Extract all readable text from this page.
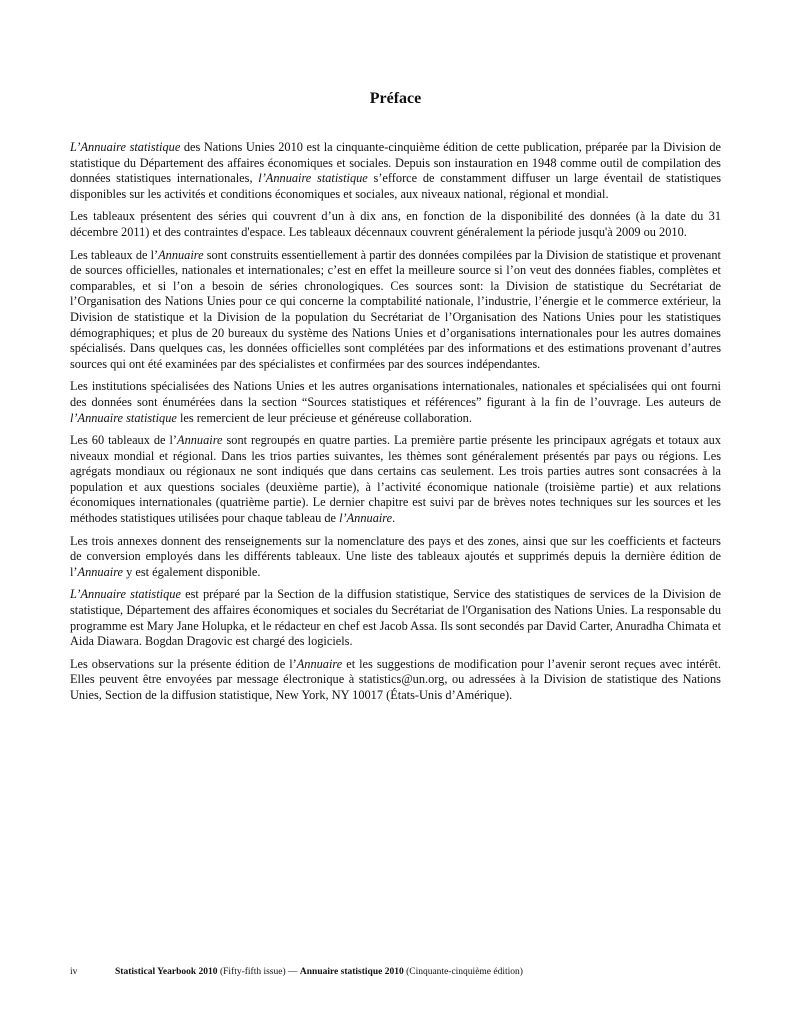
Préface

L’Annuaire statistique des Nations Unies 2010 est la cinquante-cinquième édition de cette publication, préparée par la Division de statistique du Département des affaires économiques et sociales. Depuis son instauration en 1948 comme outil de compilation des données statistiques internationales, l’Annuaire statistique s’efforce de constamment diffuser un large éventail de statistiques disponibles sur les activités et conditions économiques et sociales, aux niveaux national, régional et mondial.

Les tableaux présentent des séries qui couvrent d’un à dix ans, en fonction de la disponibilité des données (à la date du 31 décembre 2011) et des contraintes d'espace. Les tableaux décennaux couvrent généralement la période jusqu'à 2009 ou 2010.

Les tableaux de l’Annuaire sont construits essentiellement à partir des données compilées par la Division de statistique et provenant de sources officielles, nationales et internationales; c’est en effet la meilleure source si l’on veut des données fiables, complètes et comparables, et si l’on a besoin de séries chronologiques. Ces sources sont: la Division de statistique du Secrétariat de l’Organisation des Nations Unies pour ce qui concerne la comptabilité nationale, l’industrie, l’énergie et le commerce extérieur, la Division de statistique et la Division de la population du Secrétariat de l’Organisation des Nations Unies pour les statistiques démographiques; et plus de 20 bureaux du système des Nations Unies et d’organisations internationales pour les autres domaines spécialisés. Dans quelques cas, les données officielles sont complétées par des informations et des estimations provenant d’autres sources qui ont été examinées par des spécialistes et confirmées par des sources indépendantes.

Les institutions spécialisées des Nations Unies et les autres organisations internationales, nationales et spécialisées qui ont fourni des données sont énumérées dans la section “Sources statistiques et références” figurant à la fin de l’ouvrage. Les auteurs de l’Annuaire statistique les remercient de leur précieuse et généreuse collaboration.

Les 60 tableaux de l’Annuaire sont regroupés en quatre parties. La première partie présente les principaux agrégats et totaux aux niveaux mondial et régional. Dans les trios parties suivantes, les thèmes sont généralement présentés par pays ou régions. Les agrégats mondiaux ou régionaux ne sont indiqués que dans certains cas seulement. Les trois parties autres sont consacrées à la population et aux questions sociales (deuxième partie), à l’activité économique nationale (troisième partie) et aux relations économiques internationales (quatrième partie). Le dernier chapitre est suivi par de brèves notes techniques sur les sources et les méthodes statistiques utilisées pour chaque tableau de l’Annuaire.

Les trois annexes donnent des renseignements sur la nomenclature des pays et des zones, ainsi que sur les coefficients et facteurs de conversion employés dans les différents tableaux. Une liste des tableaux ajoutés et supprimés depuis la dernière édition de l’Annuaire y est également disponible.

L’Annuaire statistique est préparé par la Section de la diffusion statistique, Service des statistiques de services de la Division de statistique, Département des affaires économiques et sociales du Secrétariat de l'Organisation des Nations Unies. La responsable du programme est Mary Jane Holupka, et le rédacteur en chef est Jacob Assa. Ils sont secondés par David Carter, Anuradha Chimata et Aida Diawara. Bogdan Dragovic est chargé des logiciels.

Les observations sur la présente édition de l’Annuaire et les suggestions de modification pour l’avenir seront reçues avec intérêt. Elles peuvent être envoyées par message électronique à statistics@un.org, ou adressées à la Division de statistique des Nations Unies, Section de la diffusion statistique, New York, NY 10017 (États-Unis d’Amérique).

iv	Statistical Yearbook 2010 (Fifty-fifth issue) — Annuaire statistique 2010 (Cinquante-cinquième édition)
